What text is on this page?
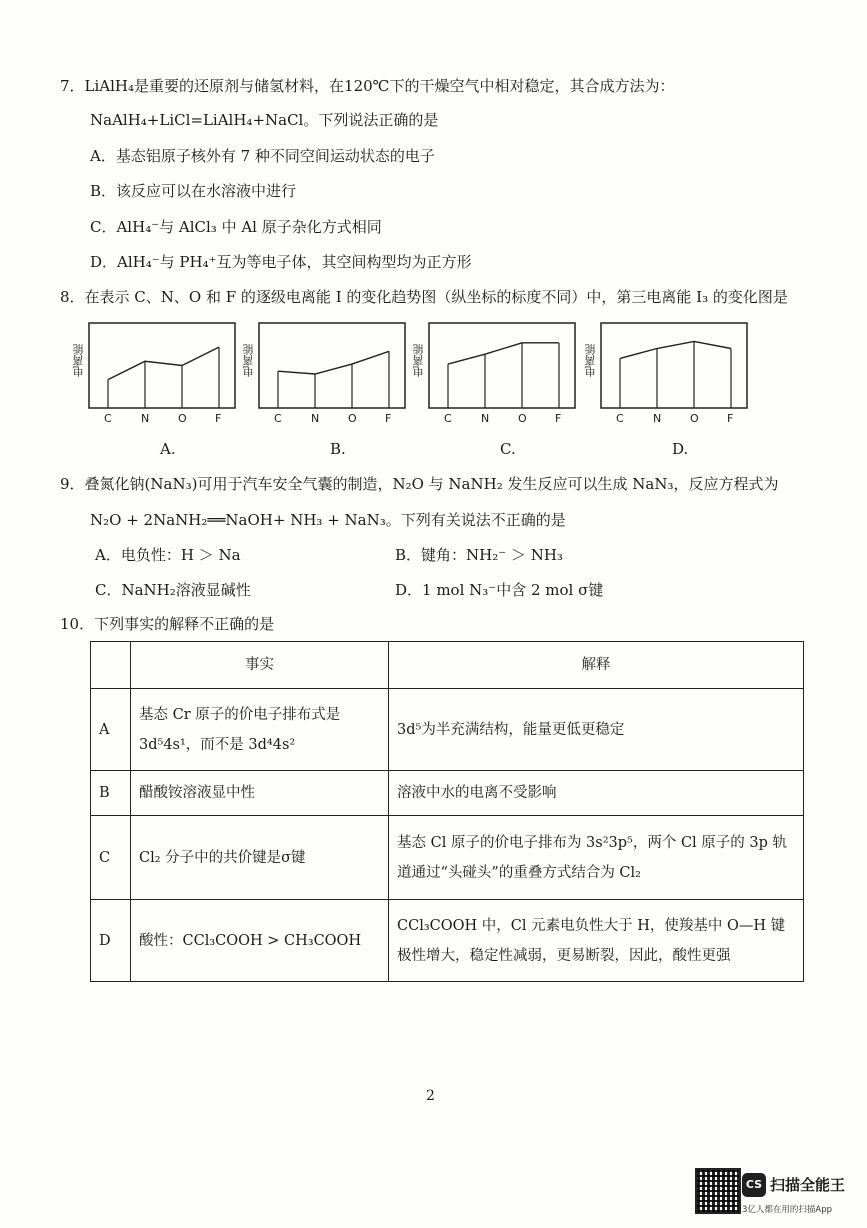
7．LiAlH₄是重要的还原剂与储氢材料，在120℃下的干燥空气中相对稳定，其合成方法为：
NaAlH₄+LiCl=LiAlH₄+NaCl。下列说法正确的是
A．基态铝原子核外有 7 种不同空间运动状态的电子
B．该反应可以在水溶液中进行
C．AlH₄⁻与 AlCl₃ 中 Al 原子杂化方式相同
D．AlH₄⁻与 PH₄⁺互为等电子体，其空间构型均为正方形
8．在表示 C、N、O 和 F 的逐级电离能 I 的变化趋势图（纵坐标的标度不同）中，第三电离能 I₃ 的变化图是
电离能
C	N	O	F
A.
电离能
C	N	O	F
B.
电离能
C	N	O	F
C.
电离能
C	N	O	F
D.
9．叠氮化钠(NaN₃)可用于汽车安全气囊的制造，N₂O 与 NaNH₂ 发生反应可以生成 NaN₃，反应方程式为
N₂O + 2NaNH₂══NaOH+ NH₃ + NaN₃。下列有关说法不正确的是
A．电负性：H ＞ Na	B．键角：NH₂⁻ ＞ NH₃
C．NaNH₂溶液显碱性	D．1 mol N₃⁻中含 2 mol σ键
10．下列事实的解释不正确的是
	事实	解释
A	基态 Cr 原子的价电子排布式是
3d⁵4s¹，而不是 3d⁴4s²	3d⁵为半充满结构，能量更低更稳定

B	醋酸铵溶液显中性	溶液中水的电离不受影响

C	Cl₂ 分子中的共价键是σ键	基态 Cl 原子的价电子排布为 3s²3p⁵，两个 Cl 原子的 3p 轨
道通过“头碰头”的重叠方式结合为 Cl₂

D	酸性：CCl₃COOH > CH₃COOH	CCl₃COOH 中，Cl 元素电负性大于 H，使羧基中 O—H 键
极性增大，稳定性减弱，更易断裂，因此，酸性更强
2
CS 扫描全能王
3亿人都在用的扫描App
